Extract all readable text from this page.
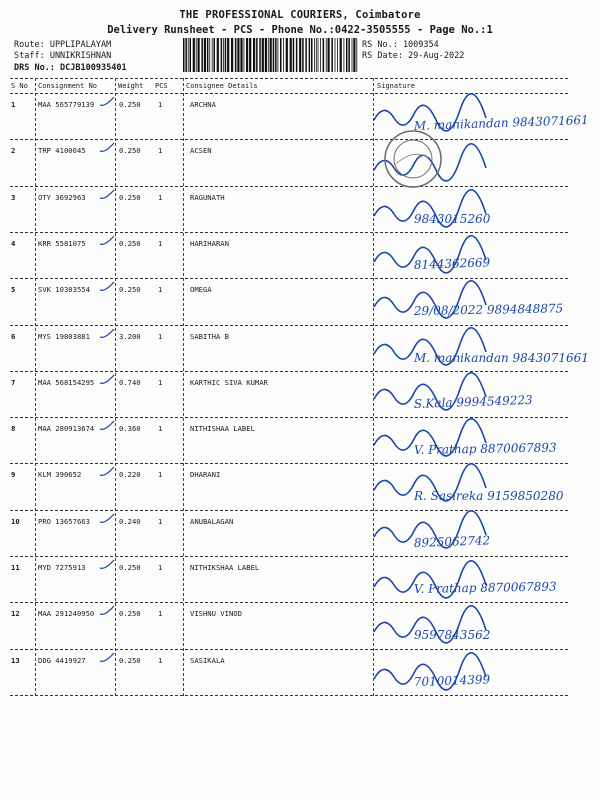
THE PROFESSIONAL COURIERS, Coimbatore
Delivery Runsheet - PCS - Phone No.:0422-3505555 - Page No.:1
Route: UPPLIPALAYAM
Staff: UNNIKRISHNAN
DRS No.: DCJB100935401
RS No.: 1009354
RS Date: 29-Aug-2022
S No Consignment No	Weight PCS	Consignee Details	Signature
1	MAA 565779139	0.250 1	ARCHNA
M. manikandan 9843071661
2	TRP 4100045	0.250 1	ACSEN
3	OTY 3692963	0.250 1	RAGUNATH
9843015260
4	KRR 5581075	0.250 1	HARIHARAN
8144362669
5	SVK 10303554	0.250 1	OMEGA
29/08/2022 9894848875
6	MYS 19803881	3.200 1	SABITHA B
M. manikandan 9843071661
7	MAA 568154295	0.740 1	KARTHIC SIVA KUMAR
S.Kala 9994549223
8	MAA 280913674	0.360 1	NITHISHAA LABEL
V. Prathap 8870067893
9	KLM 390652	0.220 1	DHARANI
R. Sasireka 9159850280
10	PRO 13657663	0.240 1	ANUBALAGAN
8925062742
11	MYD 7275913	0.250 1	NITHIKSHAA LABEL
V. Prathap 8870067893
12	MAA 291240950	0.250 1	VISHNU VINOD
9597843562
13	DDG 4419927	0.250 1	SASIKALA
7010014399
